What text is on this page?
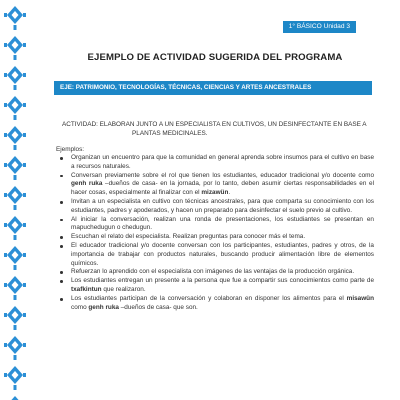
1° BÁSICO Unidad 3
EJEMPLO DE ACTIVIDAD SUGERIDA DEL PROGRAMA
EJE: PATRIMONIO, TECNOLOGÍAS, TÉCNICAS, CIENCIAS Y ARTES ANCESTRALES
ACTIVIDAD: ELABORAN JUNTO A UN ESPECIALISTA EN CULTIVOS, UN DESINFECTANTE EN BASE A
PLANTAS MEDICINALES.
Ejemplos:
Organizan un encuentro para que la comunidad en general aprenda sobre insumos para el cultivo en base a recursos naturales.
Conversan previamente sobre el rol que tienen los estudiantes, educador tradicional y/o docente como genh ruka –dueños de casa- en la jornada, por lo tanto, deben asumir ciertas responsabilidades en el hacer cosas, especialmente al finalizar con el mizawün.
Invitan a un especialista en cultivo con técnicas ancestrales, para que comparta su conocimiento con los estudiantes, padres y apoderados, y hacen un preparado para desinfectar el suelo previo al cultivo.
Al iniciar la conversación, realizan una ronda de presentaciones, los estudiantes se presentan en mapuchedugun o chedugun.
Escuchan el relato del especialista. Realizan preguntas para conocer más el tema.
El educador tradicional y/o docente conversan con los participantes, estudiantes, padres y otros, de la importancia de trabajar con productos naturales, buscando producir alimentación libre de elementos químicos.
Refuerzan lo aprendido con el especialista con imágenes de las ventajas de la producción orgánica.
Los estudiantes entregan un presente a la persona que fue a compartir sus conocimientos como parte de txafkintun que realizaron.
Los estudiantes participan de la conversación y colaboran en disponer los alimentos para el misawün como genh ruka –dueños de casa- que son.
